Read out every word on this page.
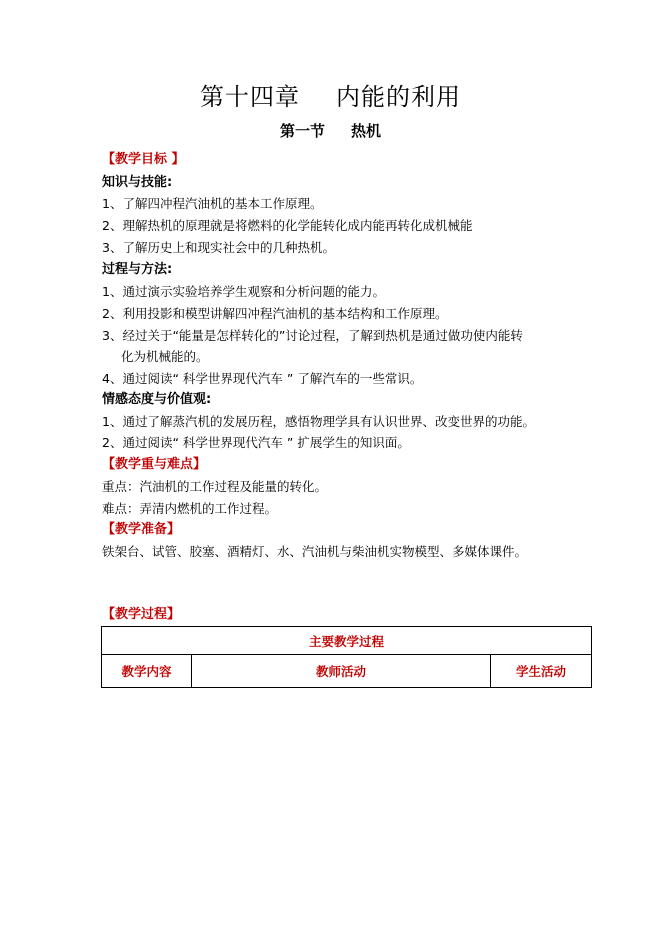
第十四章 内能的利用
第一节 热机
【教学目标 】
知识与技能:
1、了解四冲程汽油机的基本工作原理。
2、理解热机的原理就是将燃料的化学能转化成内能再转化成机械能
3、了解历史上和现实社会中的几种热机。
过程与方法:
1、通过演示实验培养学生观察和分析问题的能力。
2、利用投影和模型讲解四冲程汽油机的基本结构和工作原理。
3、经过关于“能量是怎样转化的”讨论过程，了解到热机是通过做功使内能转
化为机械能的。
4、通过阅读“ 科学世界现代汽车 ” 了解汽车的一些常识。
情感态度与价值观:
1、通过了解蒸汽机的发展历程，感悟物理学具有认识世界、改变世界的功能。
2、通过阅读“ 科学世界现代汽车 ” 扩展学生的知识面。
【教学重与难点】
重点：汽油机的工作过程及能量的转化。
难点：弄清内燃机的工作过程。
【教学准备】
铁架台、试管、胶塞、酒精灯、水、汽油机与柴油机实物模型、多媒体课件。
【教学过程】
主要教学过程
教学内容	教师活动	学生活动
